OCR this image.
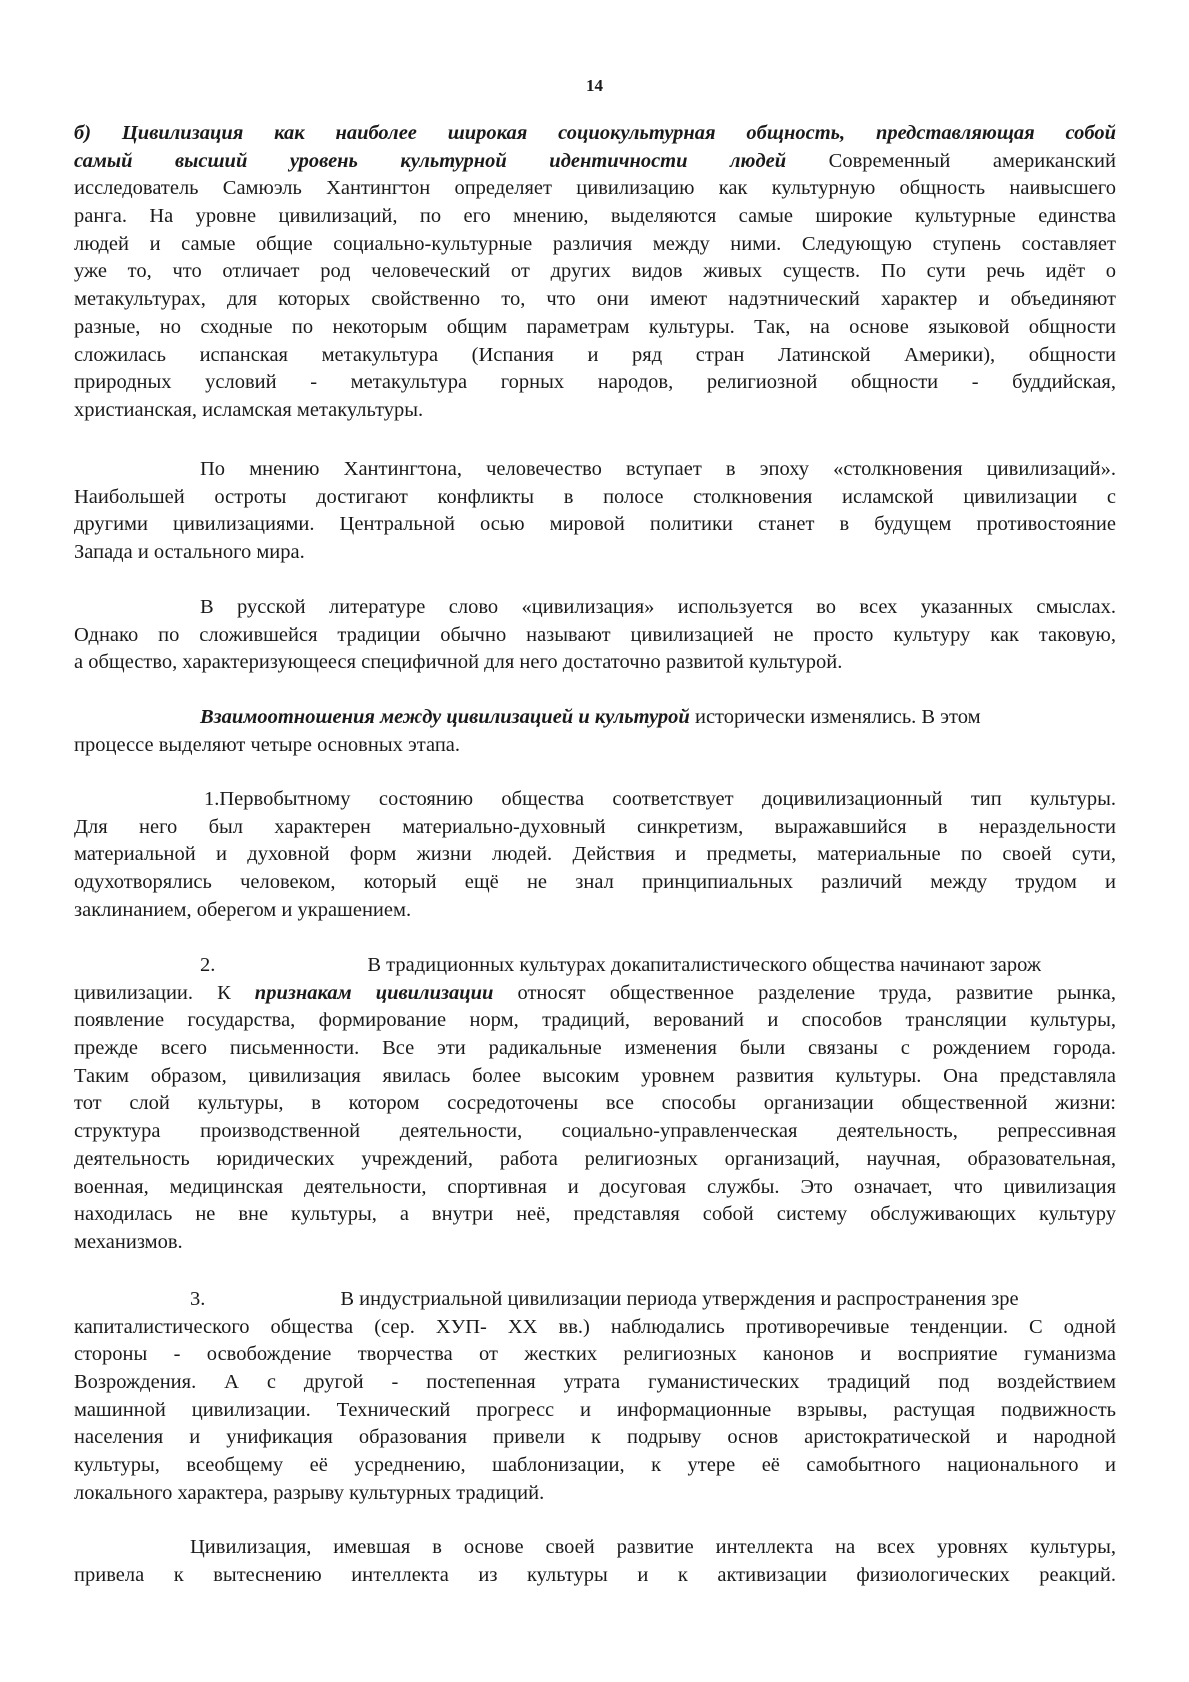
14
б) Цивилизация как наиболее широкая социокультурная общность, представляющая собой
самый высший уровень культурной идентичности людей Современный американский
исследователь Самюэль Хантингтон определяет цивилизацию как культурную общность наивысшего
ранга. На уровне цивилизаций, по его мнению, выделяются самые широкие культурные единства
людей и самые общие социально-культурные различия между ними. Следующую ступень составляет
уже то, что отличает род человеческий от других видов живых существ. По сути речь идёт о
метакультурах, для которых свойственно то, что они имеют надэтнический характер и объединяют
разные, но сходные по некоторым общим параметрам культуры. Так, на основе языковой общности
сложилась испанская метакультура (Испания и ряд стран Латинской Америки), общности
природных условий - метакультура горных народов, религиозной общности - буддийская,
христианская, исламская метакультуры.
По мнению Хантингтона, человечество вступает в эпоху «столкновения цивилизаций».
Наибольшей остроты достигают конфликты в полосе столкновения исламской цивилизации с
другими цивилизациями. Центральной осью мировой политики станет в будущем противостояние
Запада и остального мира.
В русской литературе слово «цивилизация» используется во всех указанных смыслах.
Однако по сложившейся традиции обычно называют цивилизацией не просто культуру как таковую,
а общество, характеризующееся специфичной для него достаточно развитой культурой.
Взаимоотношения между цивилизацией и культурой исторически изменялись. В этом
процессе выделяют четыре основных этапа.
1.Первобытному состоянию общества соответствует доцивилизационный тип культуры.
Для него был характерен материально-духовный синкретизм, выражавшийся в нераздельности
материальной и духовной форм жизни людей. Действия и предметы, материальные по своей сути,
одухотворялись человеком, который ещё не знал принципиальных различий между трудом и
заклинанием, оберегом и украшением.
2.	В традиционных культурах докапиталистического общества начинают зарож
цивилизации. К признакам цивилизации относят общественное разделение труда, развитие рынка,
появление государства, формирование норм, традиций, верований и способов трансляции культуры,
прежде всего письменности. Все эти радикальные изменения были связаны с рождением города.
Таким образом, цивилизация явилась более высоким уровнем развития культуры. Она представляла
тот слой культуры, в котором сосредоточены все способы организации общественной жизни:
структура производственной деятельности, социально-управленческая деятельность, репрессивная
деятельность юридических учреждений, работа религиозных организаций, научная, образовательная,
военная, медицинская деятельности, спортивная и досуговая службы. Это означает, что цивилизация
находилась не вне культуры, а внутри неё, представляя собой систему обслуживающих культуру
механизмов.
3.	В индустриальной цивилизации периода утверждения и распространения зре
капиталистического общества (сер. ХУП- ХХ вв.) наблюдались противоречивые тенденции. С одной
стороны - освобождение творчества от жестких религиозных канонов и восприятие гуманизма
Возрождения. А с другой - постепенная утрата гуманистических традиций под воздействием
машинной цивилизации. Технический прогресс и информационные взрывы, растущая подвижность
населения и унификация образования привели к подрыву основ аристократической и народной
культуры, всеобщему её усреднению, шаблонизации, к утере её самобытного национального и
локального характера, разрыву культурных традиций.
Цивилизация, имевшая в основе своей развитие интеллекта на всех уровнях культуры,
привела к вытеснению интеллекта из культуры и к активизации физиологических реакций.
